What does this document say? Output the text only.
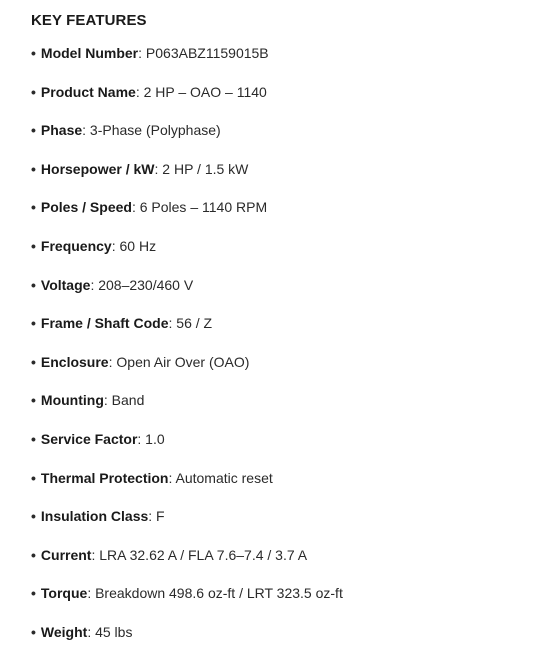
KEY FEATURES
• Model Number: P063ABZ1159015B
• Product Name: 2 HP – OAO – 1140
• Phase: 3-Phase (Polyphase)
• Horsepower / kW: 2 HP / 1.5 kW
• Poles / Speed: 6 Poles – 1140 RPM
• Frequency: 60 Hz
• Voltage: 208–230/460 V
• Frame / Shaft Code: 56 / Z
• Enclosure: Open Air Over (OAO)
• Mounting: Band
• Service Factor: 1.0
• Thermal Protection: Automatic reset
• Insulation Class: F
• Current: LRA 32.62 A / FLA 7.6–7.4 / 3.7 A
• Torque: Breakdown 498.6 oz-ft / LRT 323.5 oz-ft
• Weight: 45 lbs
